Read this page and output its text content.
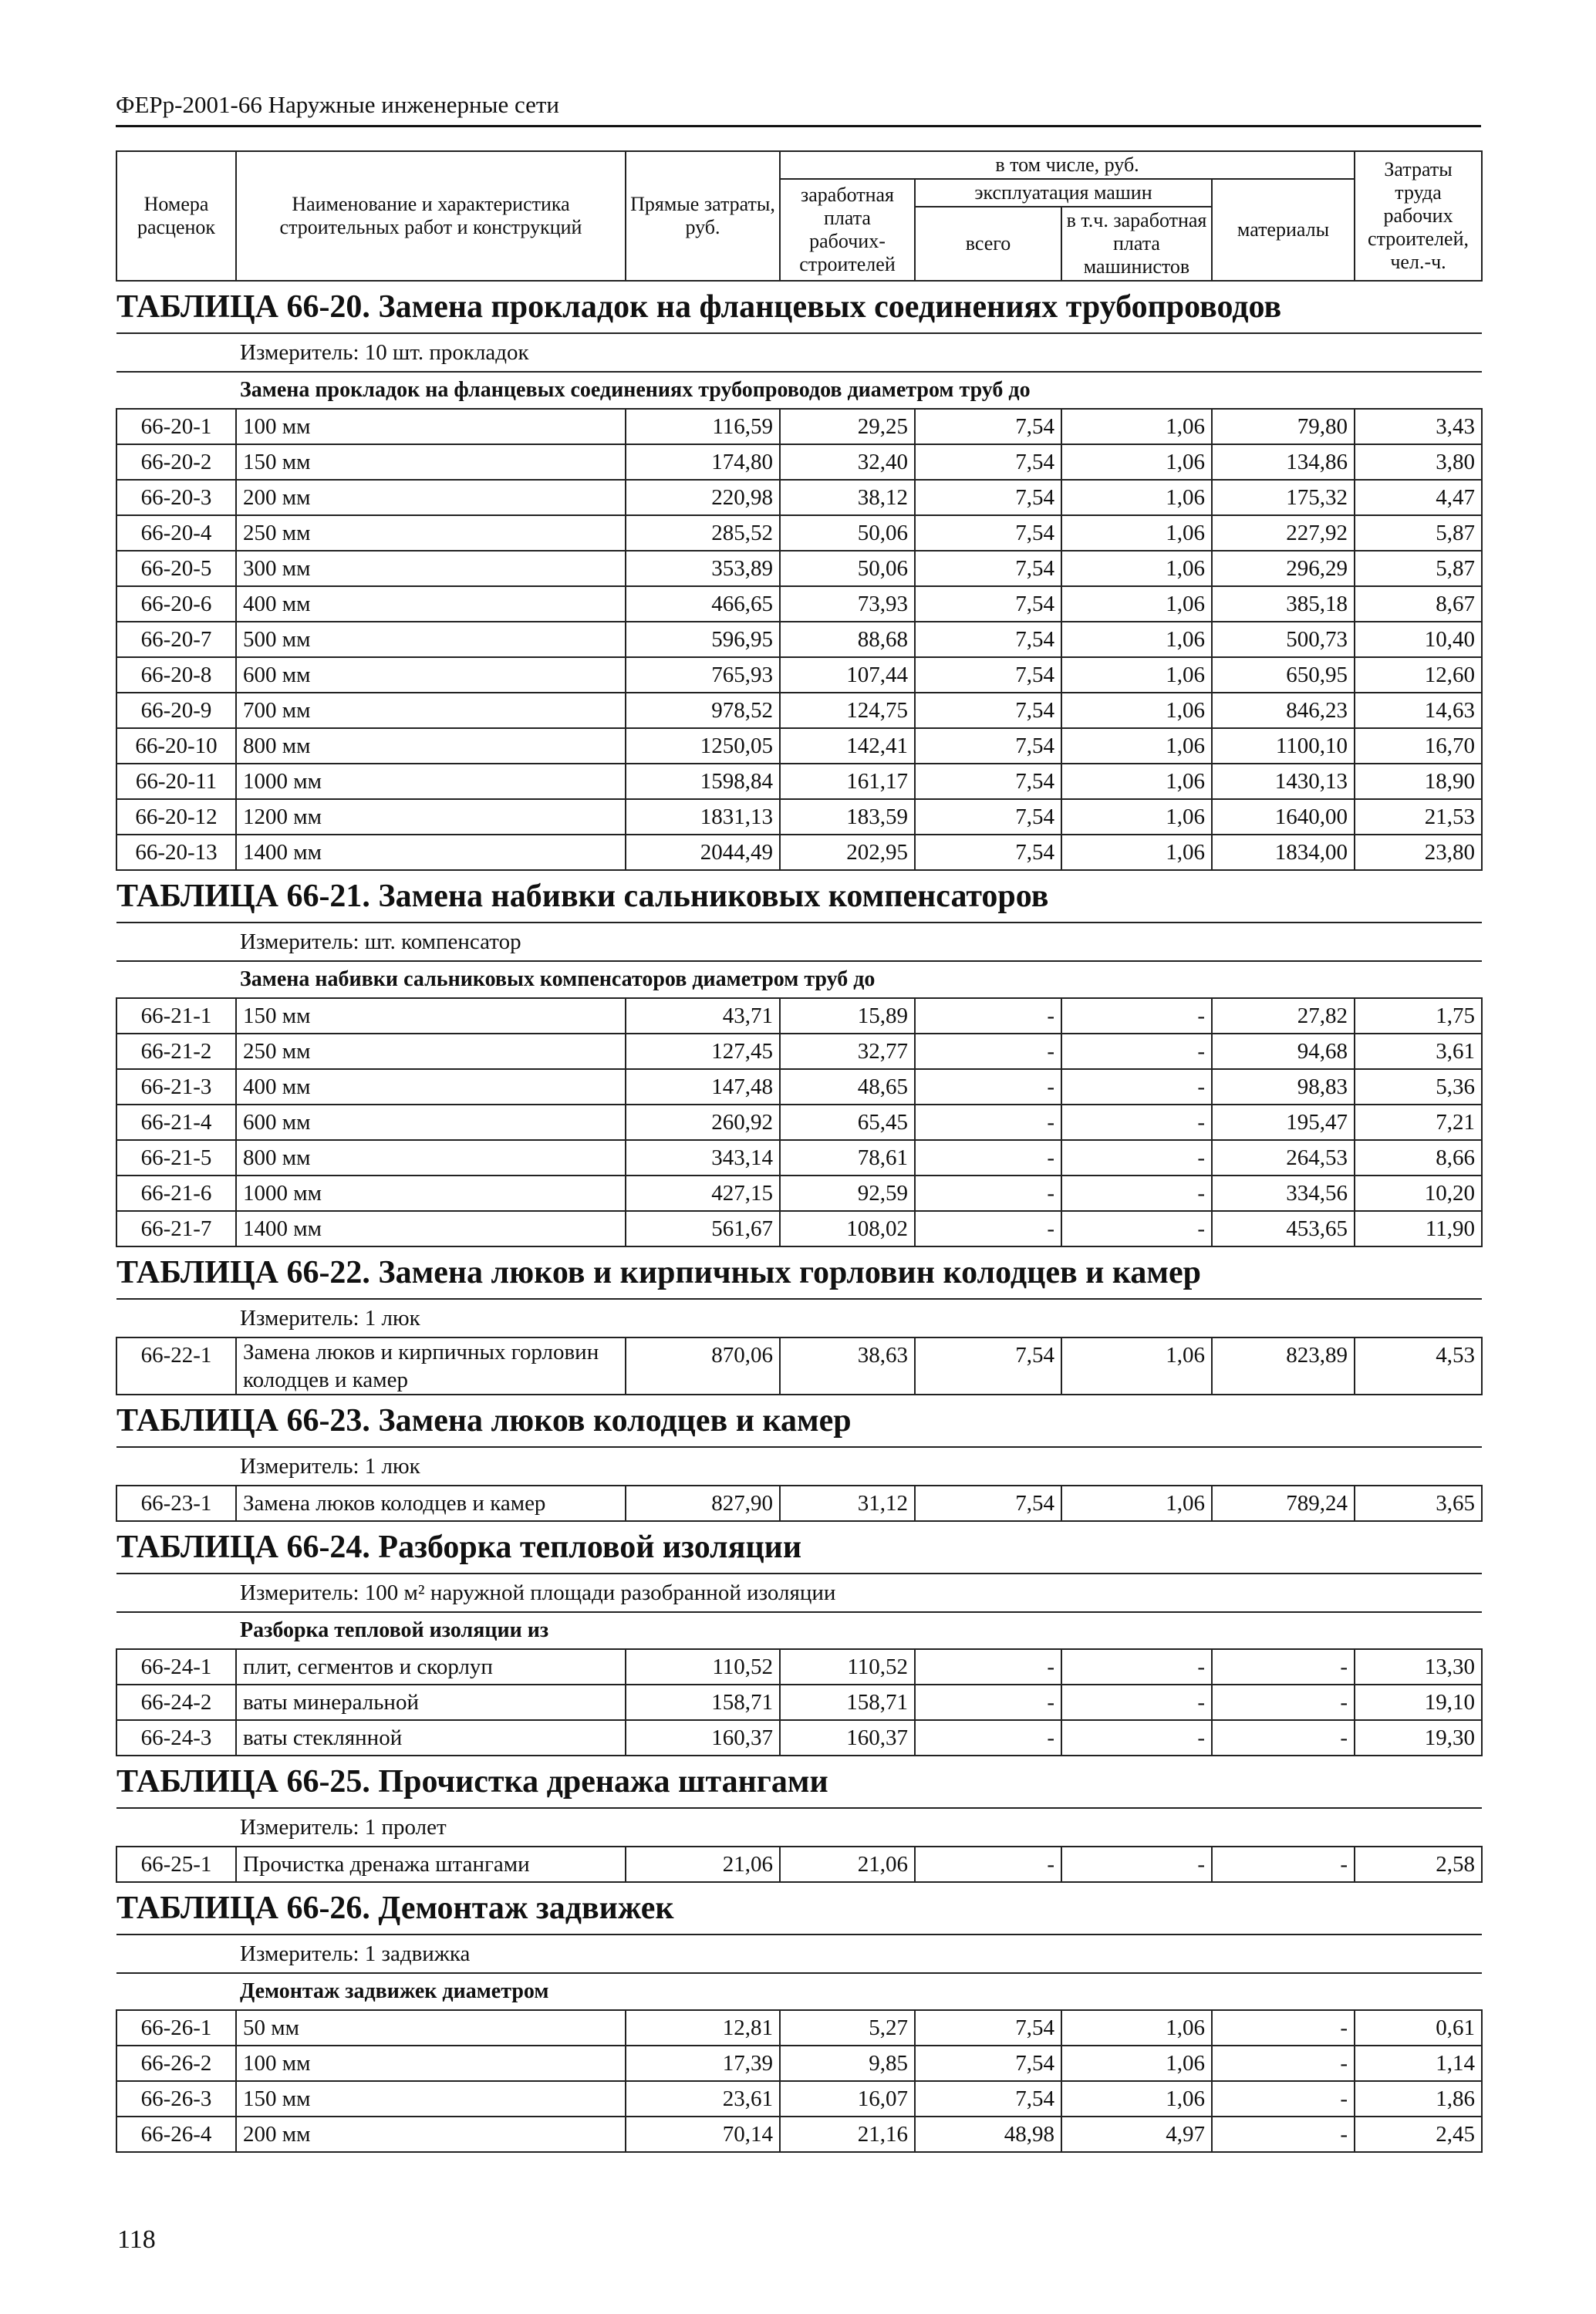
ФЕРр-2001-66 Наружные инженерные сети
Номера расценок	Наименование и характеристика строительных работ и конструкций	Прямые затраты, руб.	в том числе, руб.				Затраты труда рабочих строителей, чел.-ч.
			заработная плата рабочих-строителей	эксплуатация машин		материалы	
				всего	в т.ч. заработная плата машинистов		
ТАБЛИЦА 66-20. Замена прокладок на фланцевых соединениях трубопроводов							
Измеритель: 10 шт. прокладок							
Замена прокладок на фланцевых соединениях трубопроводов диаметром труб до							
66-20-1	100 мм	116,59	29,25	7,54	1,06	79,80	3,43
66-20-2	150 мм	174,80	32,40	7,54	1,06	134,86	3,80
66-20-3	200 мм	220,98	38,12	7,54	1,06	175,32	4,47
66-20-4	250 мм	285,52	50,06	7,54	1,06	227,92	5,87
66-20-5	300 мм	353,89	50,06	7,54	1,06	296,29	5,87
66-20-6	400 мм	466,65	73,93	7,54	1,06	385,18	8,67
66-20-7	500 мм	596,95	88,68	7,54	1,06	500,73	10,40
66-20-8	600 мм	765,93	107,44	7,54	1,06	650,95	12,60
66-20-9	700 мм	978,52	124,75	7,54	1,06	846,23	14,63
66-20-10	800 мм	1250,05	142,41	7,54	1,06	1100,10	16,70
66-20-11	1000 мм	1598,84	161,17	7,54	1,06	1430,13	18,90
66-20-12	1200 мм	1831,13	183,59	7,54	1,06	1640,00	21,53
66-20-13	1400 мм	2044,49	202,95	7,54	1,06	1834,00	23,80
ТАБЛИЦА 66-21. Замена набивки сальниковых компенсаторов							
Измеритель: шт. компенсатор							
Замена набивки сальниковых компенсаторов диаметром труб до							
66-21-1	150 мм	43,71	15,89	-	-	27,82	1,75
66-21-2	250 мм	127,45	32,77	-	-	94,68	3,61
66-21-3	400 мм	147,48	48,65	-	-	98,83	5,36
66-21-4	600 мм	260,92	65,45	-	-	195,47	7,21
66-21-5	800 мм	343,14	78,61	-	-	264,53	8,66
66-21-6	1000 мм	427,15	92,59	-	-	334,56	10,20
66-21-7	1400 мм	561,67	108,02	-	-	453,65	11,90
ТАБЛИЦА 66-22. Замена люков и кирпичных горловин колодцев и камер							
Измеритель: 1 люк							
66-22-1	Замена люков и кирпичных горловин колодцев и камер	870,06	38,63	7,54	1,06	823,89	4,53
ТАБЛИЦА 66-23. Замена люков колодцев и камер							
Измеритель: 1 люк							
66-23-1	Замена люков колодцев и камер	827,90	31,12	7,54	1,06	789,24	3,65
ТАБЛИЦА 66-24. Разборка тепловой изоляции							
Измеритель: 100 м² наружной площади разобранной изоляции							
Разборка тепловой изоляции из							
66-24-1	плит, сегментов и скорлуп	110,52	110,52	-	-	-	13,30
66-24-2	ваты минеральной	158,71	158,71	-	-	-	19,10
66-24-3	ваты стеклянной	160,37	160,37	-	-	-	19,30
ТАБЛИЦА 66-25. Прочистка дренажа штангами							
Измеритель: 1 пролет							
66-25-1	Прочистка дренажа штангами	21,06	21,06	-	-	-	2,58
ТАБЛИЦА 66-26. Демонтаж задвижек							
Измеритель: 1 задвижка							
Демонтаж задвижек диаметром							
66-26-1	50 мм	12,81	5,27	7,54	1,06	-	0,61
66-26-2	100 мм	17,39	9,85	7,54	1,06	-	1,14
66-26-3	150 мм	23,61	16,07	7,54	1,06	-	1,86
66-26-4	200 мм	70,14	21,16	48,98	4,97	-	2,45
118
